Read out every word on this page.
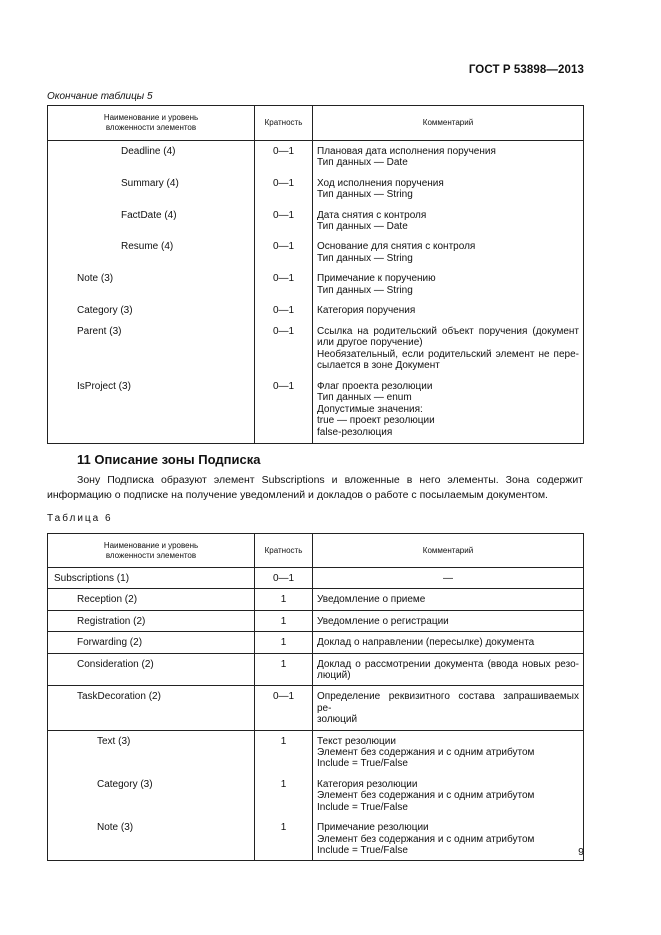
ГОСТ Р 53898—2013
Окончание таблицы 5
Наименование и уровень вложенности элементов	Кратность	Комментарий
Deadline (4)	0—1	Плановая дата исполнения поручения
Тип данных — Date

Summary (4)	0—1	Ход исполнения поручения
Тип данных — String

FactDate (4)	0—1	Дата снятия с контроля
Тип данных — Date

Resume (4)	0—1	Основание для снятия с контроля
Тип данных — String

Note (3)	0—1	Примечание к поручению
Тип данных — String

Category (3)	0—1	Категория поручения

Parent (3)	0—1	Ссылка на родительский объект поручения (документ
или другое поручение)
Необязательный, если родительский элемент не пере-
сылается в зоне Документ

IsProject (3)	0—1	Флаг проекта резолюции
Тип данных — enum
Допустимые значения:
true — проект резолюции
false-резолюция
11 Описание зоны Подписка
Зону Подписка образуют элемент Subscriptions и вложенные в него элементы. Зона содержит
информацию о подписке на получение уведомлений и докладов о работе с посылаемым документом.
Таблица 6
Наименование и уровень вложенности элементов	Кратность	Комментарий
Subscriptions (1)	0—1	—

Reception (2)	1	Уведомление о приеме

Registration (2)	1	Уведомление о регистрации

Forwarding (2)	1	Доклад о направлении (пересылке) документа

Consideration (2)	1	Доклад о рассмотрении документа (ввода новых резо-
люций)

TaskDecoration (2)	0—1	Определение реквизитного состава запрашиваемых ре-
золюций

Text (3)	1	Текст резолюции
Элемент без содержания и с одним атрибутом
Include = True/False

Category (3)	1	Категория резолюции
Элемент без содержания и с одним атрибутом
Include = True/False

Note (3)	1	Примечание резолюции
Элемент без содержания и с одним атрибутом
Include = True/False	9
